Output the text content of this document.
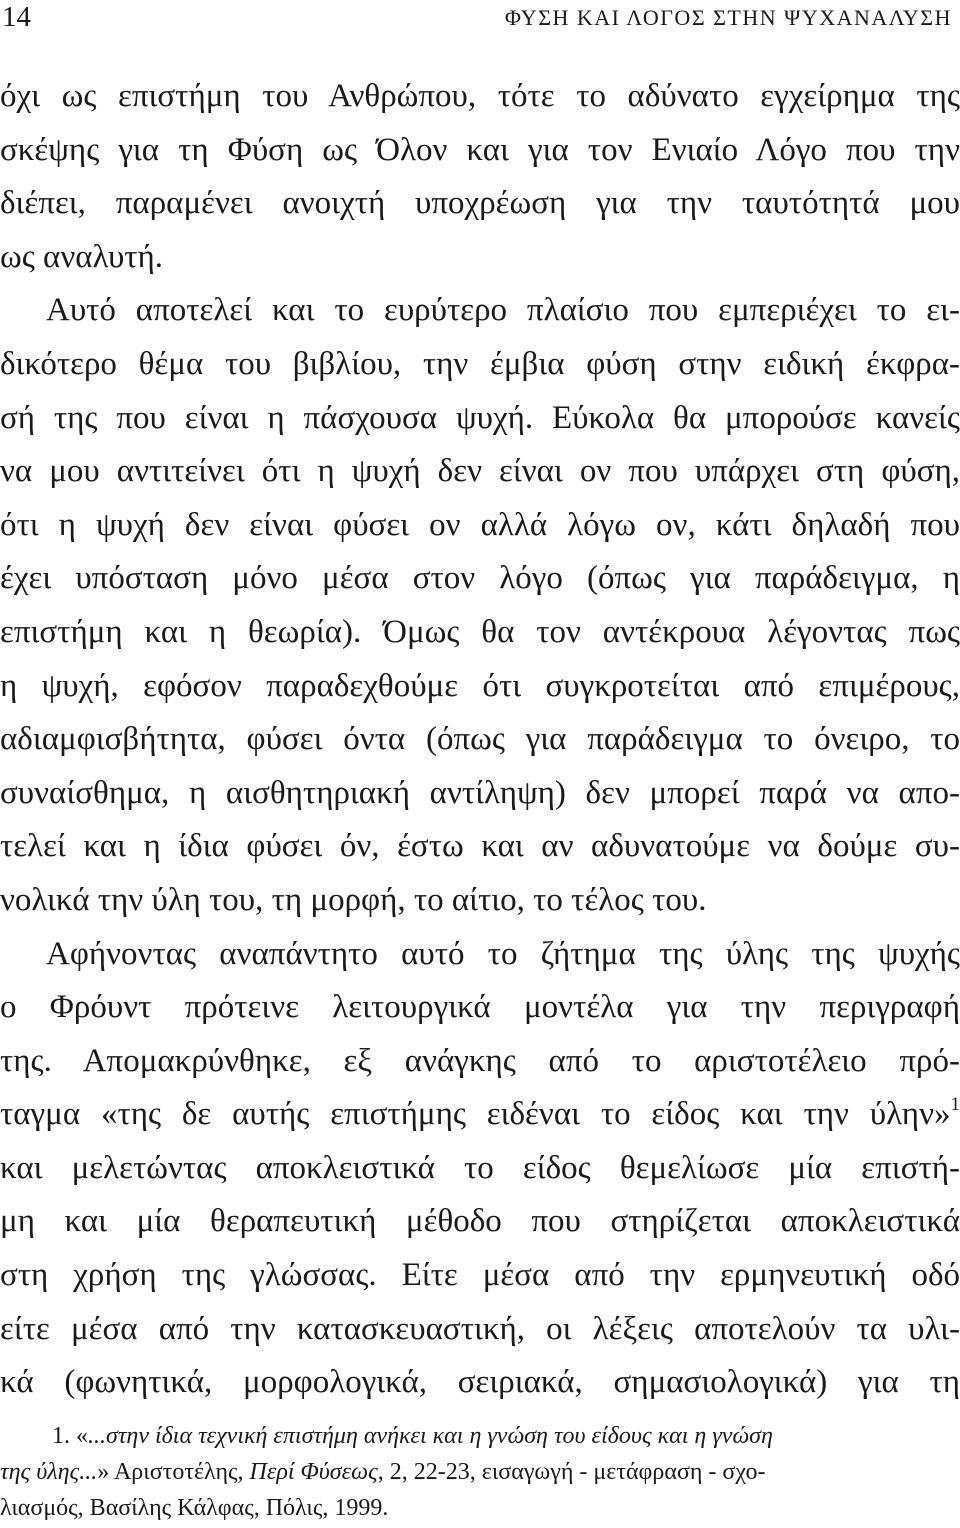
14	ΦΥΣΗ ΚΑΙ ΛΟΓΟΣ ΣΤΗΝ ΨΥΧΑΝΑΛΥΣΗ
όχι ως επιστήμη του Ανθρώπου, τότε το αδύνατο εγχείρημα της
σκέψης για τη Φύση ως Όλον και για τον Ενιαίο Λόγο που την
διέπει, παραμένει ανοιχτή υποχρέωση για την ταυτότητά μου
ως αναλυτή.
Αυτό αποτελεί και το ευρύτερο πλαίσιο που εμπεριέχει το ει-
δικότερο θέμα του βιβλίου, την έμβια φύση στην ειδική έκφρα-
σή της που είναι η πάσχουσα ψυχή. Εύκολα θα μπορούσε κανείς
να μου αντιτείνει ότι η ψυχή δεν είναι ον που υπάρχει στη φύση,
ότι η ψυχή δεν είναι φύσει ον αλλά λόγω ον, κάτι δηλαδή που
έχει υπόσταση μόνο μέσα στον λόγο (όπως για παράδειγμα, η
επιστήμη και η θεωρία). Όμως θα τον αντέκρουα λέγοντας πως
η ψυχή, εφόσον παραδεχθούμε ότι συγκροτείται από επιμέρους,
αδιαμφισβήτητα, φύσει όντα (όπως για παράδειγμα το όνειρο, το
συναίσθημα, η αισθητηριακή αντίληψη) δεν μπορεί παρά να απο-
τελεί και η ίδια φύσει όν, έστω και αν αδυνατούμε να δούμε συ-
νολικά την ύλη του, τη μορφή, το αίτιο, το τέλος του.
Αφήνοντας αναπάντητο αυτό το ζήτημα της ύλης της ψυχής
ο Φρόυντ πρότεινε λειτουργικά μοντέλα για την περιγραφή
της. Απομακρύνθηκε, εξ ανάγκης από το αριστοτέλειο πρό-
ταγμα «της δε αυτής επιστήμης ειδέναι το είδος και την ύλην»$^1$
και μελετώντας αποκλειστικά το είδος θεμελίωσε μία επιστή-
μη και μία θεραπευτική μέθοδο που στηρίζεται αποκλειστικά
στη χρήση της γλώσσας. Είτε μέσα από την ερμηνευτική οδό
είτε μέσα από την κατασκευαστική, οι λέξεις αποτελούν τα υλι-
κά (φωνητικά, μορφολογικά, σειριακά, σημασιολογικά) για τη
1. «...στην ίδια τεχνική επιστήμη ανήκει και η γνώση του είδους και η γνώση
της ύλης...» Αριστοτέλης, Περί Φύσεως, 2, 22-23, εισαγωγή - μετάφραση - σχο-
λιασμός, Βασίλης Κάλφας, Πόλις, 1999.
